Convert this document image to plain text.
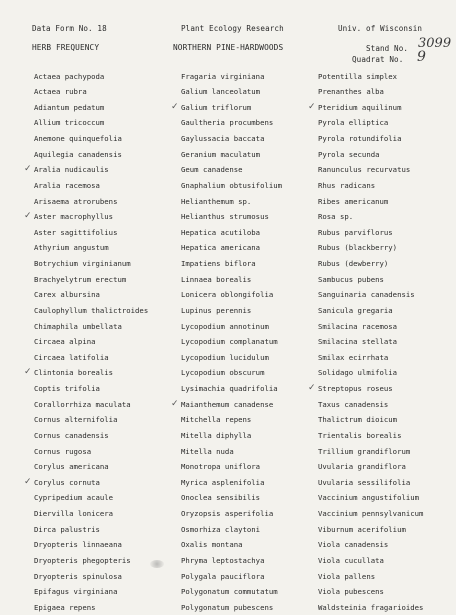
Data Form No. 18	Plant Ecology Research	Univ. of Wisconsin
HERB FREQUENCY	NORTHERN PINE-HARDWOODS	Stand No. 3099
Quadrat No. 9
Actaea pachypoda
Actaea rubra
Adiantum pedatum
Allium tricoccum
Anemone quinquefolia
Aquilegia canadensis
✓ Aralia nudicaulis
Aralia racemosa
Arisaema atrorubens
✓ Aster macrophyllus
Aster sagittifolius
Athyrium angustum
Botrychium virginianum
Brachyelytrum erectum
Carex albursina
Caulophyllum thalictroides
Chimaphila umbellata
Circaea alpina
Circaea latifolia
✓ Clintonia borealis
Coptis trifolia
Corallorrhiza maculata
Cornus alternifolia
Cornus canadensis
Cornus rugosa
Corylus americana
✓ Corylus cornuta
Cypripedium acaule
Diervilla lonicera
Dirca palustris
Dryopteris linnaeana
Dryopteris phegopteris
Dryopteris spinulosa
Epifagus virginiana
Epigaea repens
Fragaria virginiana
Galium lanceolatum
✓ Galium triflorum
Gaultheria procumbens
Gaylussacia baccata
Geranium maculatum
Geum canadense
Gnaphalium obtusifolium
Helianthemum sp.
Helianthus strumosus
Hepatica acutiloba
Hepatica americana
Impatiens biflora
Linnaea borealis
Lonicera oblongifolia
Lupinus perennis
Lycopodium annotinum
Lycopodium complanatum
Lycopodium lucidulum
Lycopodium obscurum
Lysimachia quadrifolia
✓ Maianthemum canadense
Mitchella repens
Mitella diphylla
Mitella nuda
Monotropa uniflora
Myrica asplenifolia
Onoclea sensibilis
Oryzopsis asperifolia
Osmorhiza claytoni
Oxalis montana
Phryma leptostachya
Polygala pauciflora
Polygonatum commutatum
Polygonatum pubescens
Potentilla simplex
Prenanthes alba
✓ Pteridium aquilinum
Pyrola elliptica
Pyrola rotundifolia
Pyrola secunda
Ranunculus recurvatus
Rhus radicans
Ribes americanum
Rosa sp.
Rubus parviflorus
Rubus (blackberry)
Rubus (dewberry)
Sambucus pubens
Sanguinaria canadensis
Sanicula gregaria
Smilacina racemosa
Smilacina stellata
Smilax ecirrhata
Solidago ulmifolia
✓ Streptopus roseus
Taxus canadensis
Thalictrum dioicum
Trientalis borealis
Trillium grandiflorum
Uvularia grandiflora
Uvularia sessilifolia
Vaccinium angustifolium
Vaccinium pennsylvanicum
Viburnum acerifolium
Viola canadensis
Viola cucullata
Viola pallens
Viola pubescens
Waldsteinia fragarioides
